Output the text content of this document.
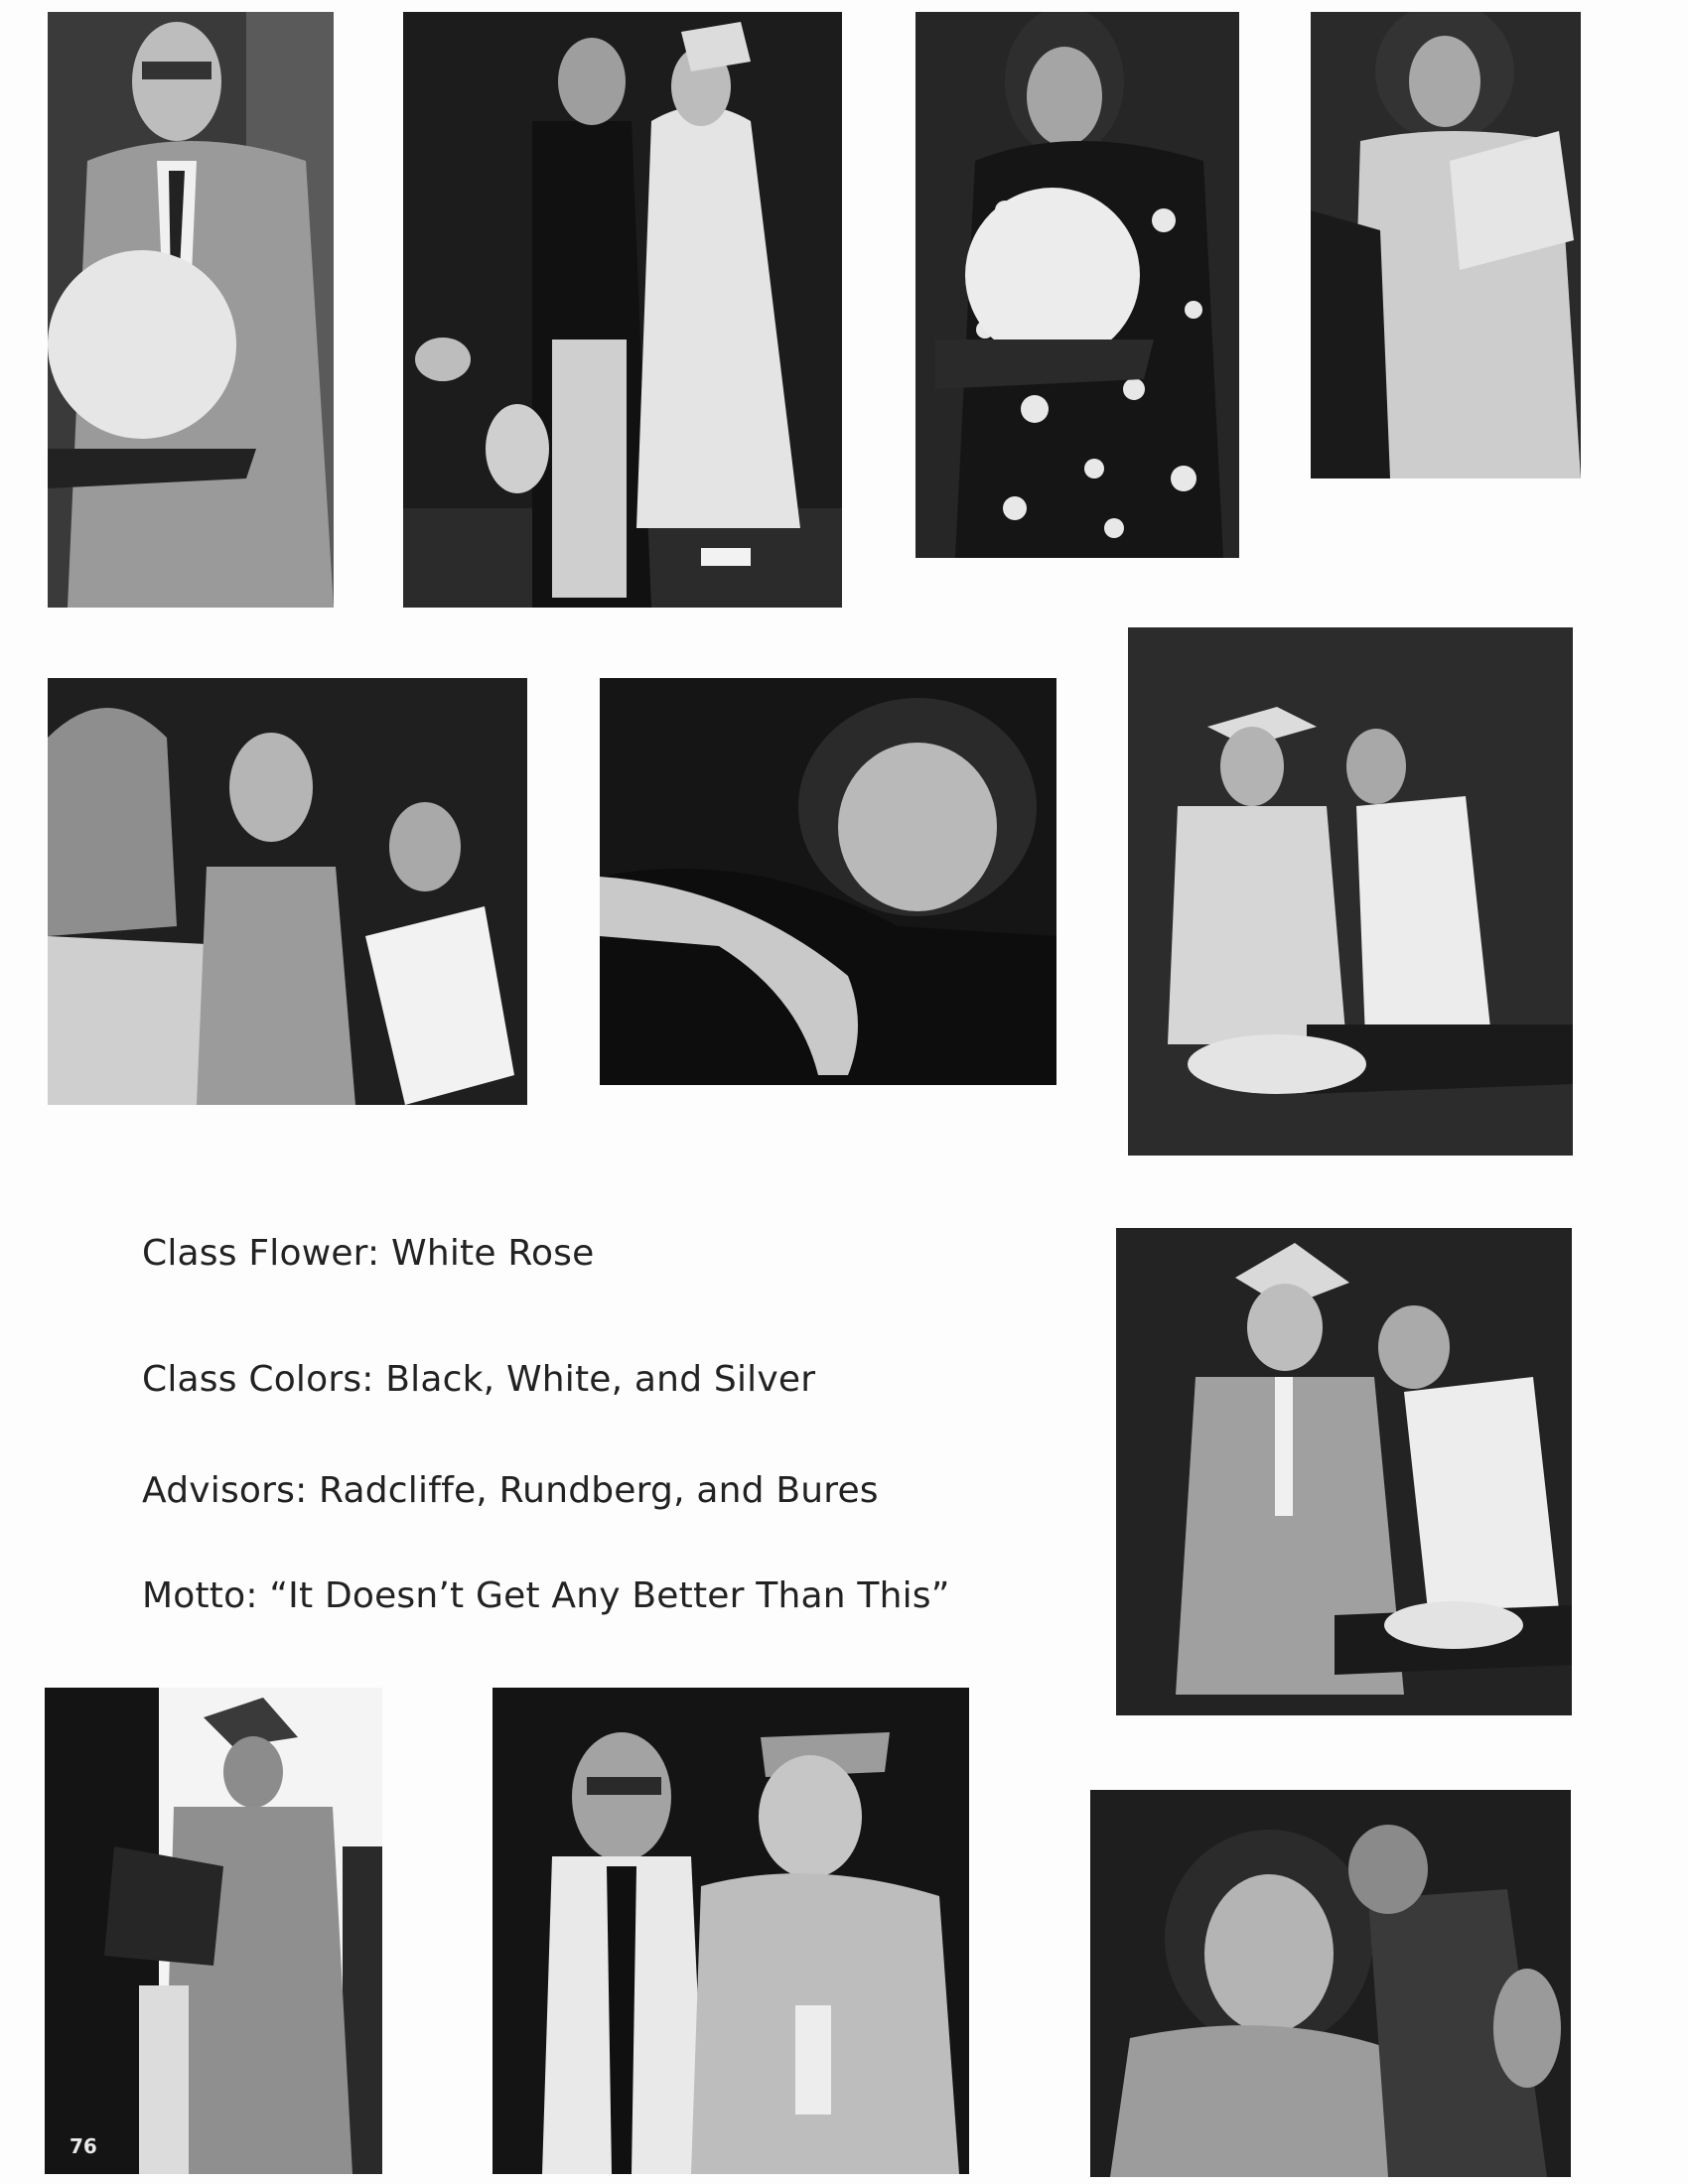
Class Flower: White Rose
Class Colors: Black, White, and Silver
Advisors: Radcliffe, Rundberg, and Bures
Motto: “It Doesn’t Get Any Better Than This”
76
